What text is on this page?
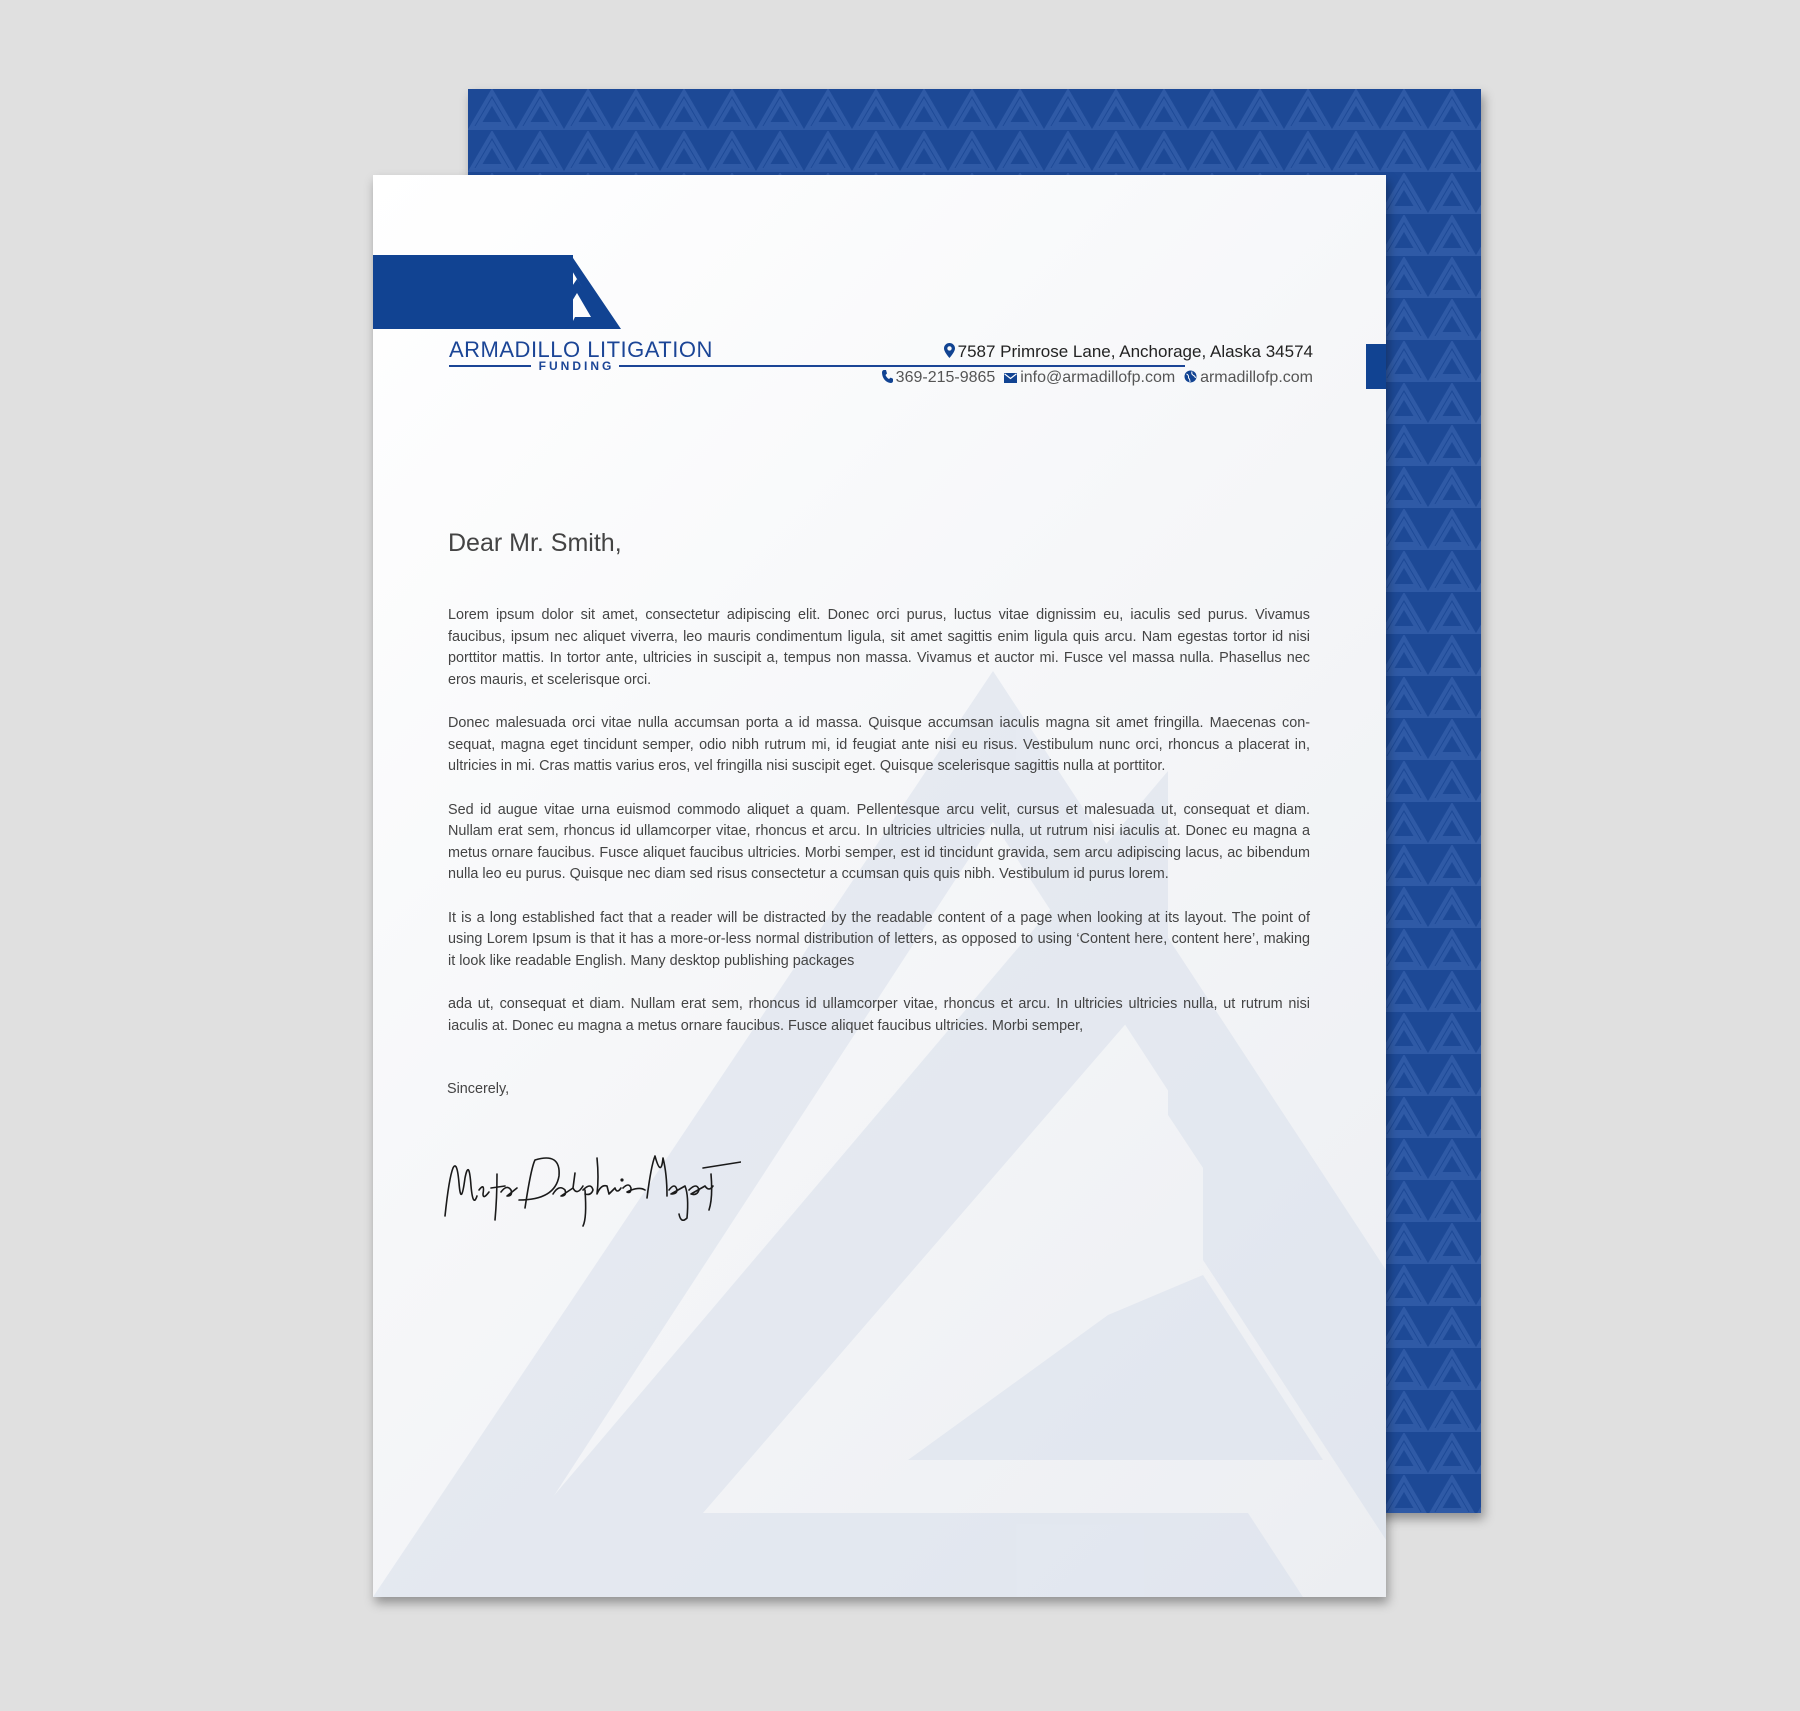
ARMADILLO LITIGATION
FUNDING
7587 Primrose Lane, Anchorage, Alaska 34574
369-215-9865 info@armadillofp.com armadillofp.com
Dear Mr. Smith,

Lorem ipsum dolor sit amet, consectetur adipiscing elit. Donec orci purus, luctus vitae dignissim eu, iaculis sed purus. Vivamus faucibus, ipsum nec aliquet viverra, leo mauris condimentum ligula, sit amet sagittis enim ligula quis arcu. Nam egestas tortor id nisi porttitor mattis. In tortor ante, ultricies in suscipit a, tempus non massa. Vivamus et auctor mi. Fusce vel massa nulla. Phasellus nec eros mauris, et scelerisque orci.

Donec malesuada orci vitae nulla accumsan porta a id massa. Quisque accumsan iaculis magna sit amet fringilla. Maecenas con-sequat, magna eget tincidunt semper, odio nibh rutrum mi, id feugiat ante nisi eu risus. Vestibulum nunc orci, rhoncus a placerat in, ultricies in mi. Cras mattis varius eros, vel fringilla nisi suscipit eget. Quisque scelerisque sagittis nulla at porttitor.

Sed id augue vitae urna euismod commodo aliquet a quam. Pellentesque arcu velit, cursus et malesuada ut, consequat et diam. Nullam erat sem, rhoncus id ullamcorper vitae, rhoncus et arcu. In ultricies ultricies nulla, ut rutrum nisi iaculis at. Donec eu magna a metus ornare faucibus. Fusce aliquet faucibus ultricies. Morbi semper, est id tincidunt gravida, sem arcu adipiscing lacus, ac bibendum nulla leo eu purus. Quisque nec diam sed risus consectetur a ccumsan quis quis nibh. Vestibulum id purus lorem.

It is a long established fact that a reader will be distracted by the readable content of a page when looking at its layout. The point of using Lorem Ipsum is that it has a more-or-less normal distribution of letters, as opposed to using ‘Content here, content here’, making it look like readable English. Many desktop publishing packages

ada ut, consequat et diam. Nullam erat sem, rhoncus id ullamcorper vitae, rhoncus et arcu. In ultricies ultricies nulla, ut rutrum nisi iaculis at. Donec eu magna a metus ornare faucibus. Fusce aliquet faucibus ultricies. Morbi semper,

Sincerely,
